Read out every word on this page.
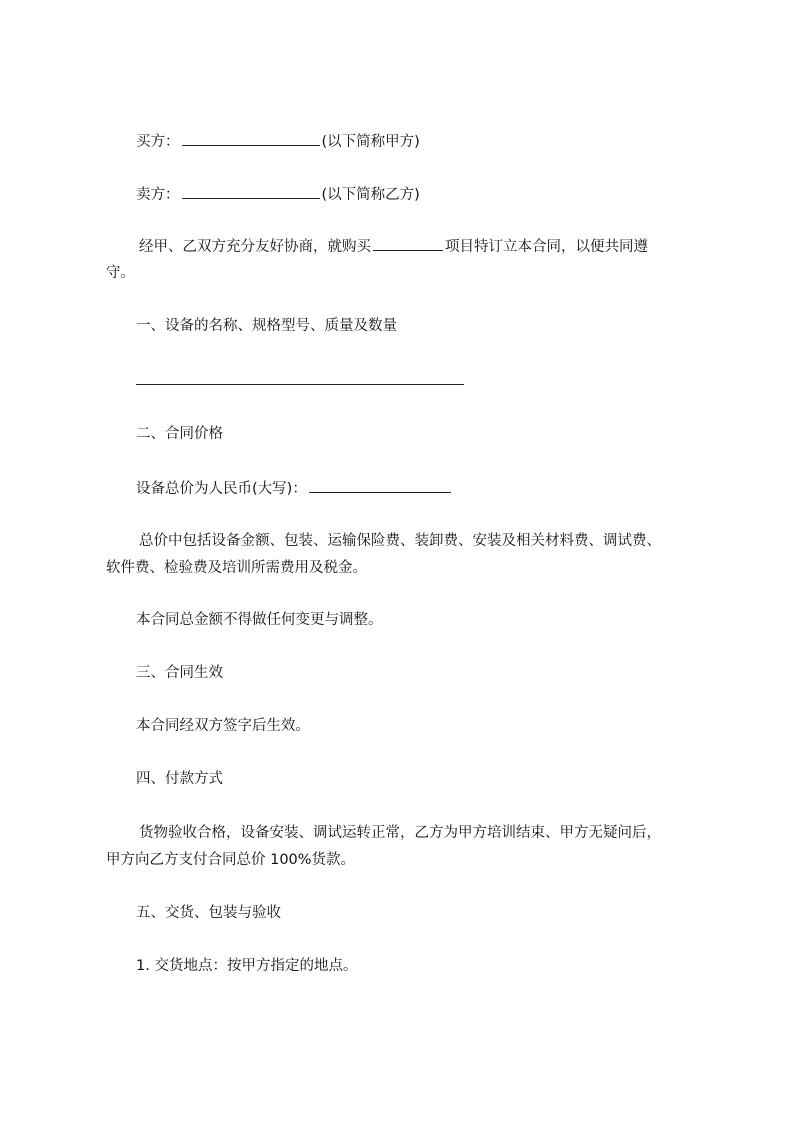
买方：	(以下简称甲方)
卖方：	(以下简称乙方)
经甲、乙双方充分友好协商，就购买	项目特订立本合同，以便共同遵
守。
一、设备的名称、规格型号、质量及数量
二、合同价格
设备总价为人民币(大写)：
总价中包括设备金额、包装、运输保险费、装卸费、安装及相关材料费、调试费、
软件费、检验费及培训所需费用及税金。
本合同总金额不得做任何变更与调整。
三、合同生效
本合同经双方签字后生效。
四、付款方式
货物验收合格，设备安装、调试运转正常，乙方为甲方培训结束、甲方无疑问后，
甲方向乙方支付合同总价 100%货款。
五、交货、包装与验收
1. 交货地点：按甲方指定的地点。
